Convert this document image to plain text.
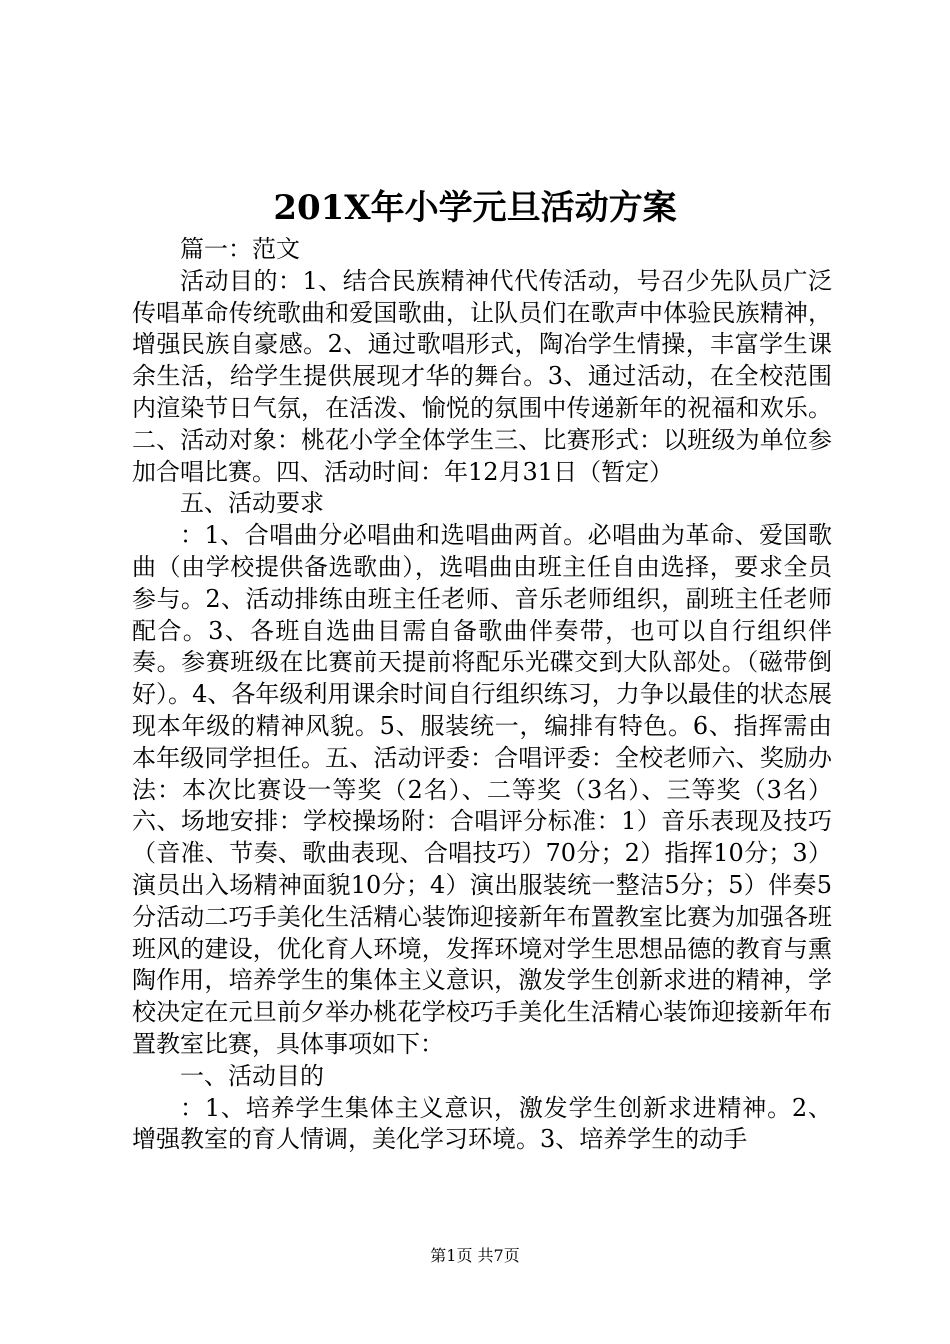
201X年小学元旦活动方案

篇一：范文

活动目的：1、结合民族精神代代传活动，号召少先队员广泛传唱革命传统歌曲和爱国歌曲，让队员们在歌声中体验民族精神，增强民族自豪感。2、通过歌唱形式，陶冶学生情操，丰富学生课余生活，给学生提供展现才华的舞台。3、通过活动，在全校范围内渲染节日气氛，在活泼、愉悦的氛围中传递新年的祝福和欢乐。二、活动对象：桃花小学全体学生三、比赛形式：以班级为单位参加合唱比赛。四、活动时间：年12月31日（暂定）

五、活动要求

：1、合唱曲分必唱曲和选唱曲两首。必唱曲为革命、爱国歌曲（由学校提供备选歌曲），选唱曲由班主任自由选择，要求全员参与。2、活动排练由班主任老师、音乐老师组织，副班主任老师配合。3、各班自选曲目需自备歌曲伴奏带，也可以自行组织伴奏。参赛班级在比赛前天提前将配乐光碟交到大队部处。（磁带倒好）。4、各年级利用课余时间自行组织练习，力争以最佳的状态展现本年级的精神风貌。5、服装统一，编排有特色。6、指挥需由本年级同学担任。五、活动评委：合唱评委：全校老师六、奖励办法：本次比赛设一等奖（2名）、二等奖（3名）、三等奖（3名）六、场地安排：学校操场附：合唱评分标准：1）音乐表现及技巧（音准、节奏、歌曲表现、合唱技巧）70分；2）指挥10分；3）演员出入场精神面貌10分；4）演出服装统一整洁5分；5）伴奏5分活动二巧手美化生活精心装饰迎接新年布置教室比赛为加强各班班风的建设，优化育人环境，发挥环境对学生思想品德的教育与熏陶作用，培养学生的集体主义意识，激发学生创新求进的精神，学校决定在元旦前夕举办桃花学校巧手美化生活精心装饰迎接新年布置教室比赛，具体事项如下：

一、活动目的

：1、培养学生集体主义意识，激发学生创新求进精神。2、增强教室的育人情调，美化学习环境。3、培养学生的动手

第1页 共7页
